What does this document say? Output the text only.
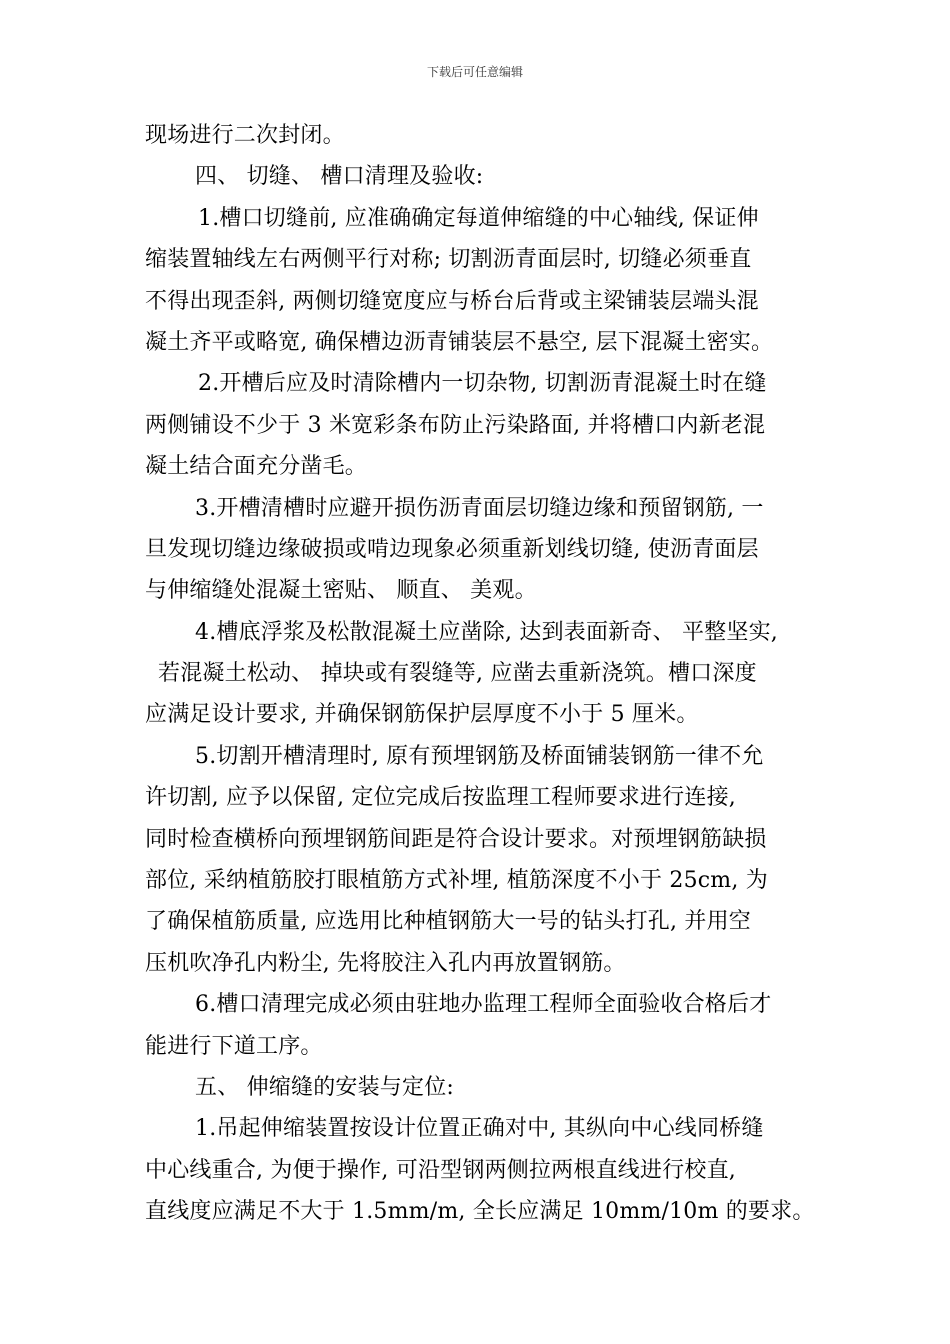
下载后可任意编辑
现场进行二次封闭。
四、 切缝、 槽口清理及验收:
1.槽口切缝前, 应准确确定每道伸缩缝的中心轴线, 保证伸
缩装置轴线左右两侧平行对称; 切割沥青面层时, 切缝必须垂直
不得出现歪斜, 两侧切缝宽度应与桥台后背或主梁铺装层端头混
凝土齐平或略宽, 确保槽边沥青铺装层不悬空, 层下混凝土密实。
2.开槽后应及时清除槽内一切杂物, 切割沥青混凝土时在缝
两侧铺设不少于 3 米宽彩条布防止污染路面, 并将槽口内新老混
凝土结合面充分凿毛。
3.开槽清槽时应避开损伤沥青面层切缝边缘和预留钢筋, 一
旦发现切缝边缘破损或啃边现象必须重新划线切缝, 使沥青面层
与伸缩缝处混凝土密贴、 顺直、 美观。
4.槽底浮浆及松散混凝土应凿除, 达到表面新奇、 平整坚实,
若混凝土松动、 掉块或有裂缝等, 应凿去重新浇筑。槽口深度
应满足设计要求, 并确保钢筋保护层厚度不小于 5 厘米。
5.切割开槽清理时, 原有预埋钢筋及桥面铺装钢筋一律不允
许切割, 应予以保留, 定位完成后按监理工程师要求进行连接,
同时检查横桥向预埋钢筋间距是符合设计要求。对预埋钢筋缺损
部位, 采纳植筋胶打眼植筋方式补埋, 植筋深度不小于 25cm, 为
了确保植筋质量, 应选用比种植钢筋大一号的钻头打孔, 并用空
压机吹净孔内粉尘, 先将胶注入孔内再放置钢筋。
6.槽口清理完成必须由驻地办监理工程师全面验收合格后才
能进行下道工序。
五、 伸缩缝的安装与定位:
1.吊起伸缩装置按设计位置正确对中, 其纵向中心线同桥缝
中心线重合, 为便于操作, 可沿型钢两侧拉两根直线进行校直,
直线度应满足不大于 1.5mm/m, 全长应满足 10mm/10m 的要求。
